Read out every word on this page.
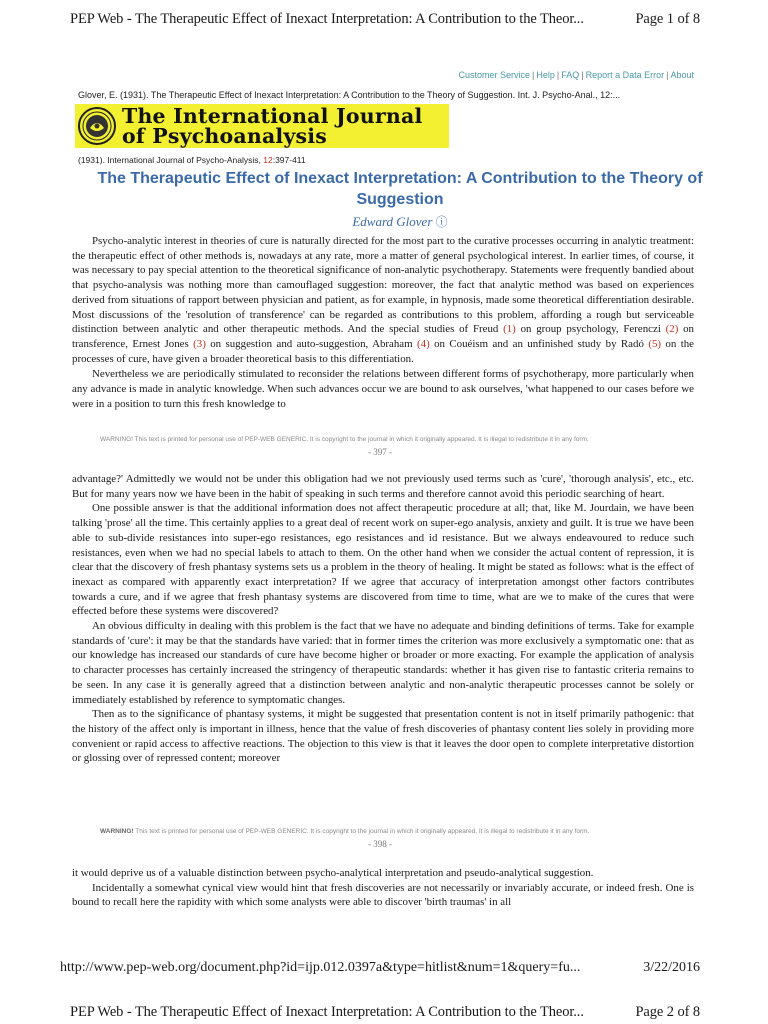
PEP Web - The Therapeutic Effect of Inexact Interpretation: A Contribution to the Theor...	Page 1 of 8
Customer Service | Help | FAQ | Report a Data Error | About
Glover, E. (1931). The Therapeutic Effect of Inexact Interpretation: A Contribution to the Theory of Suggestion. Int. J. Psycho-Anal., 12:...
The International Journal
of Psychoanalysis
(1931). International Journal of Psycho-Analysis, 12:397-411
The Therapeutic Effect of Inexact Interpretation: A Contribution to the Theory of Suggestion
Edward Glover ⓘ

Psycho-analytic interest in theories of cure is naturally directed for the most part to the curative processes occurring in analytic treatment: the therapeutic effect of other methods is, nowadays at any rate, more a matter of general psychological interest. In earlier times, of course, it was necessary to pay special attention to the theoretical significance of non-analytic psychotherapy. Statements were frequently bandied about that psycho-analysis was nothing more than camouflaged suggestion: moreover, the fact that analytic method was based on experiences derived from situations of rapport between physician and patient, as for example, in hypnosis, made some theoretical differentiation desirable. Most discussions of the 'resolution of transference' can be regarded as contributions to this problem, affording a rough but serviceable distinction between analytic and other therapeutic methods. And the special studies of Freud (1) on group psychology, Ferenczi (2) on transference, Ernest Jones (3) on suggestion and auto-suggestion, Abraham (4) on Couéism and an unfinished study by Radó (5) on the processes of cure, have given a broader theoretical basis to this differentiation.

Nevertheless we are periodically stimulated to reconsider the relations between different forms of psychotherapy, more particularly when any advance is made in analytic knowledge. When such advances occur we are bound to ask ourselves, 'what happened to our cases before we were in a position to turn this fresh knowledge to

WARNING! This text is printed for personal use of PEP-WEB GENERIC. It is copyright to the journal in which it originally appeared. It is illegal to redistribute it in any form.
- 397 -

advantage?' Admittedly we would not be under this obligation had we not previously used terms such as 'cure', 'thorough analysis', etc., etc. But for many years now we have been in the habit of speaking in such terms and therefore cannot avoid this periodic searching of heart.

One possible answer is that the additional information does not affect therapeutic procedure at all; that, like M. Jourdain, we have been talking 'prose' all the time. This certainly applies to a great deal of recent work on super-ego analysis, anxiety and guilt. It is true we have been able to sub-divide resistances into super-ego resistances, ego resistances and id resistance. But we always endeavoured to reduce such resistances, even when we had no special labels to attach to them. On the other hand when we consider the actual content of repression, it is clear that the discovery of fresh phantasy systems sets us a problem in the theory of healing. It might be stated as follows: what is the effect of inexact as compared with apparently exact interpretation? If we agree that accuracy of interpretation amongst other factors contributes towards a cure, and if we agree that fresh phantasy systems are discovered from time to time, what are we to make of the cures that were effected before these systems were discovered?

An obvious difficulty in dealing with this problem is the fact that we have no adequate and binding definitions of terms. Take for example standards of 'cure': it may be that the standards have varied: that in former times the criterion was more exclusively a symptomatic one: that as our knowledge has increased our standards of cure have become higher or broader or more exacting. For example the application of analysis to character processes has certainly increased the stringency of therapeutic standards: whether it has given rise to fantastic criteria remains to be seen. In any case it is generally agreed that a distinction between analytic and non-analytic therapeutic processes cannot be solely or immediately established by reference to symptomatic changes.

Then as to the significance of phantasy systems, it might be suggested that presentation content is not in itself primarily pathogenic: that the history of the affect only is important in illness, hence that the value of fresh discoveries of phantasy content lies solely in providing more convenient or rapid access to affective reactions. The objection to this view is that it leaves the door open to complete interpretative distortion or glossing over of repressed content; moreover

WARNING! This text is printed for personal use of PEP-WEB GENERIC. It is copyright to the journal in which it originally appeared. It is illegal to redistribute it in any form.
- 398 -

it would deprive us of a valuable distinction between psycho-analytical interpretation and pseudo-analytical suggestion.

Incidentally a somewhat cynical view would hint that fresh discoveries are not necessarily or invariably accurate, or indeed fresh. One is bound to recall here the rapidity with which some analysts were able to discover 'birth traumas' in all

http://www.pep-web.org/document.php?id=ijp.012.0397a&type=hitlist&num=1&query=fu...	3/22/2016
PEP Web - The Therapeutic Effect of Inexact Interpretation: A Contribution to the Theor...	Page 2 of 8
